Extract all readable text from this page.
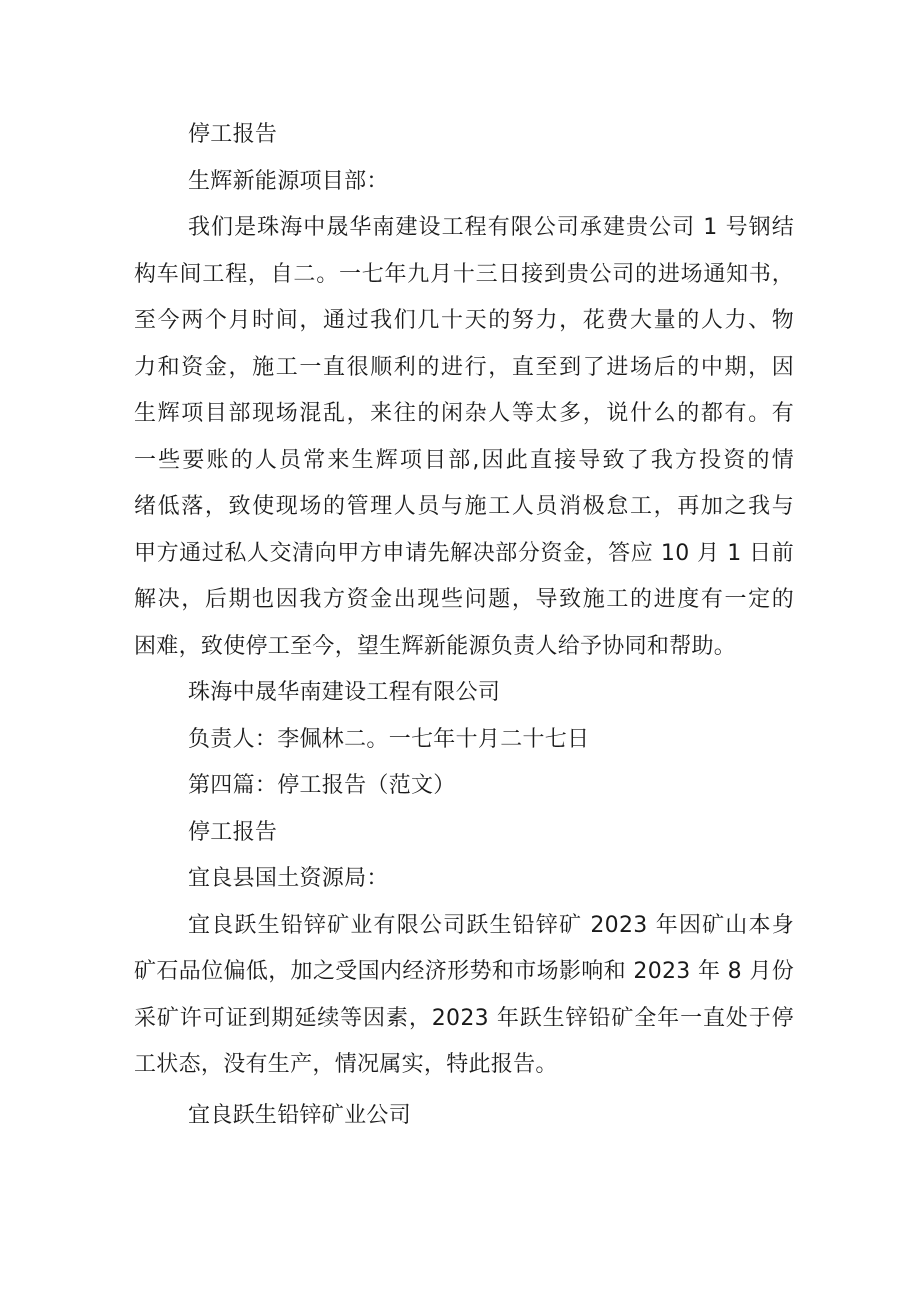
停工报告
生辉新能源项目部：
我们是珠海中晟华南建设工程有限公司承建贵公司 1 号钢结
构车间工程，自二。一七年九月十三日接到贵公司的进场通知书，
至今两个月时间，通过我们几十天的努力，花费大量的人力、物
力和资金，施工一直很顺利的进行，直至到了进场后的中期，因
生辉项目部现场混乱，来往的闲杂人等太多，说什么的都有。有
一些要账的人员常来生辉项目部,因此直接导致了我方投资的情
绪低落，致使现场的管理人员与施工人员消极怠工，再加之我与
甲方通过私人交清向甲方申请先解决部分资金，答应 10 月 1 日前
解决，后期也因我方资金出现些问题，导致施工的进度有一定的
困难，致使停工至今，望生辉新能源负责人给予协同和帮助。
珠海中晟华南建设工程有限公司
负责人：李佩林二。一七年十月二十七日
第四篇：停工报告（范文）
停工报告
宜良县国土资源局：
宜良跃生铅锌矿业有限公司跃生铅锌矿 2023 年因矿山本身
矿石品位偏低，加之受国内经济形势和市场影响和 2023 年 8 月份
采矿许可证到期延续等因素，2023 年跃生锌铅矿全年一直处于停
工状态，没有生产，情况属实，特此报告。
宜良跃生铅锌矿业公司
